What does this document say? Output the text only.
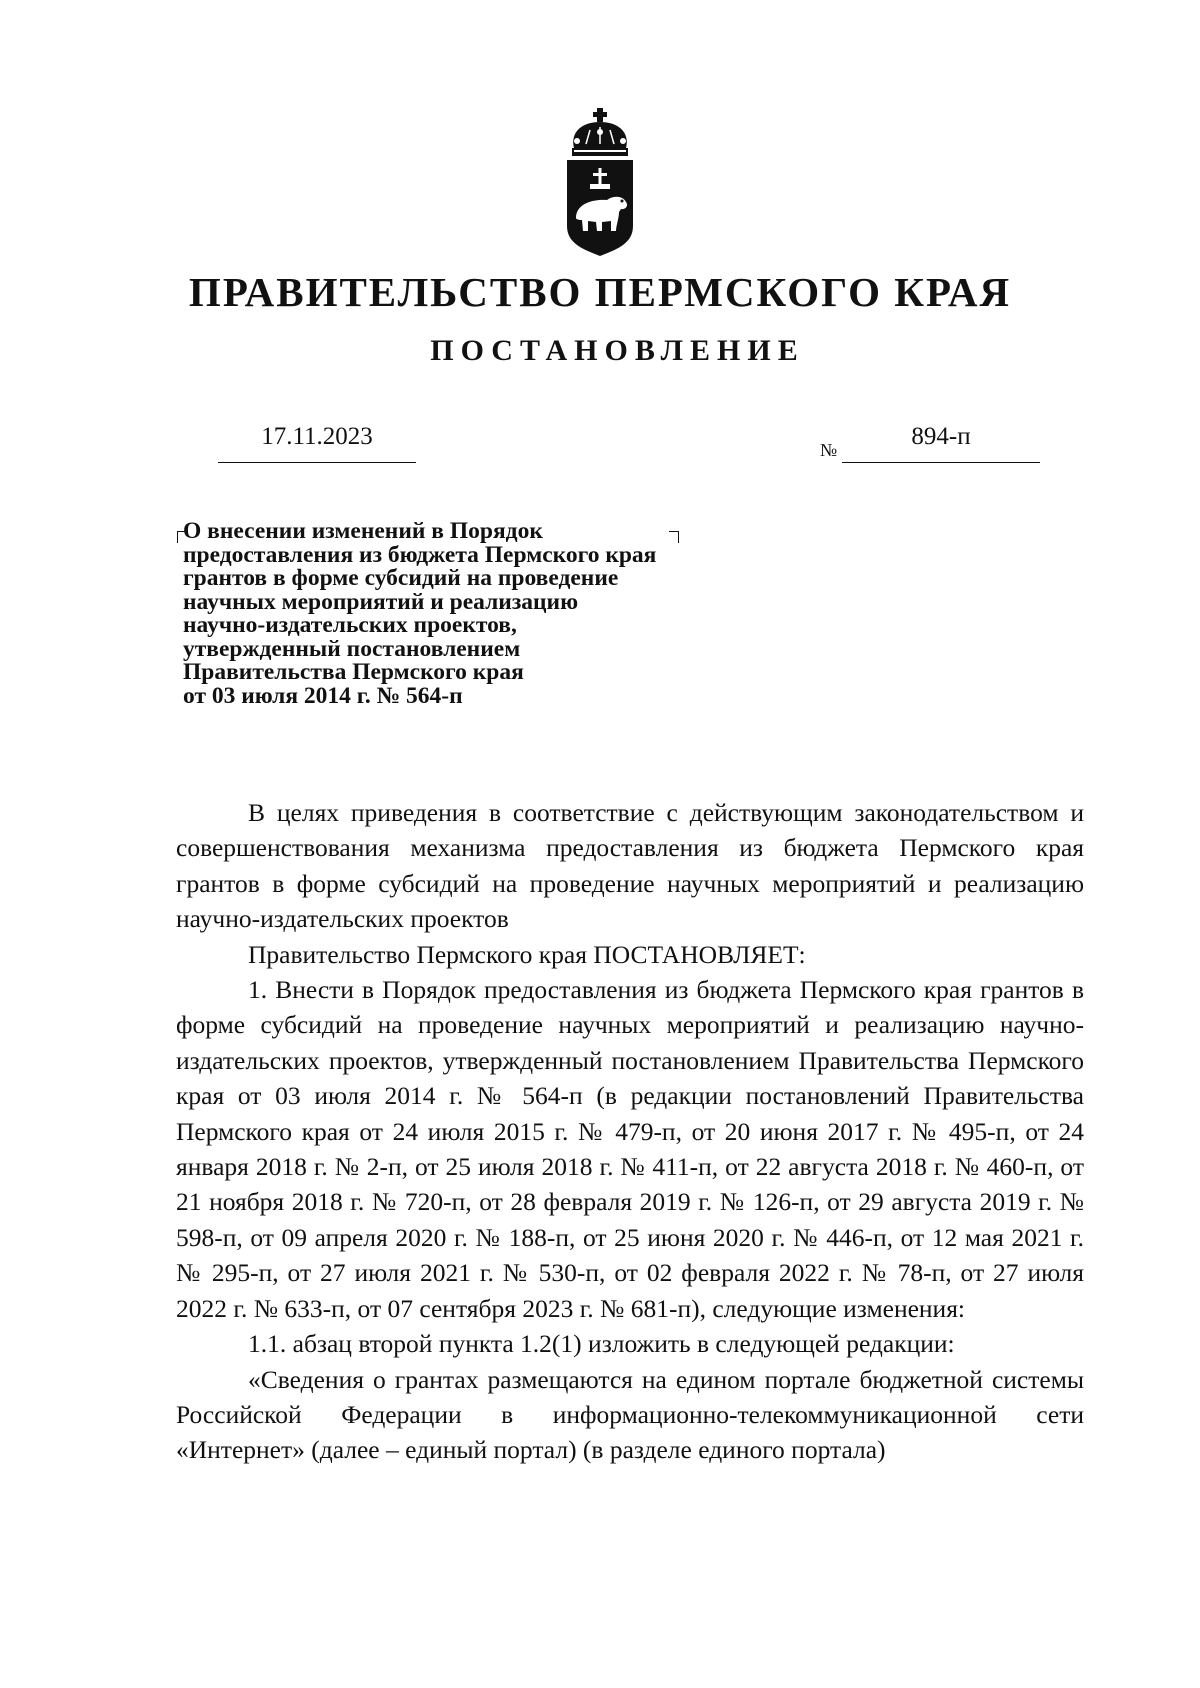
ПРАВИТЕЛЬСТВО ПЕРМСКОГО КРАЯ
ПОСТАНОВЛЕНИЕ
17.11.2023	№	894-п

О внесении изменений в Порядок
предоставления из бюджета Пермского края
грантов в форме субсидий на проведение
научных мероприятий и реализацию
научно-издательских проектов,
утвержденный постановлением
Правительства Пермского края
от 03 июля 2014 г. № 564-п

В целях приведения в соответствие с действующим законодательством и совершенствования механизма предоставления из бюджета Пермского края грантов в форме субсидий на проведение научных мероприятий и реализацию научно-издательских проектов

Правительство Пермского края ПОСТАНОВЛЯЕТ:

1. Внести в Порядок предоставления из бюджета Пермского края грантов в форме субсидий на проведение научных мероприятий и реализацию научно-издательских проектов, утвержденный постановлением Правительства Пермского края от 03 июля 2014 г. № 564-п (в редакции постановлений Правительства Пермского края от 24 июля 2015 г. № 479-п, от 20 июня 2017 г. № 495-п, от 24 января 2018 г. № 2-п, от 25 июля 2018 г. № 411-п, от 22 августа 2018 г. № 460-п, от 21 ноября 2018 г. № 720-п, от 28 февраля 2019 г. № 126-п, от 29 августа 2019 г. № 598-п, от 09 апреля 2020 г. № 188-п, от 25 июня 2020 г. № 446-п, от 12 мая 2021 г. № 295-п, от 27 июля 2021 г. № 530-п, от 02 февраля 2022 г. № 78-п, от 27 июля 2022 г. № 633-п, от 07 сентября 2023 г. № 681-п), следующие изменения:

1.1. абзац второй пункта 1.2(1) изложить в следующей редакции:

«Сведения о грантах размещаются на едином портале бюджетной системы Российской Федерации в информационно-телекоммуникационной сети «Интернет» (далее – единый портал) (в разделе единого портала)
